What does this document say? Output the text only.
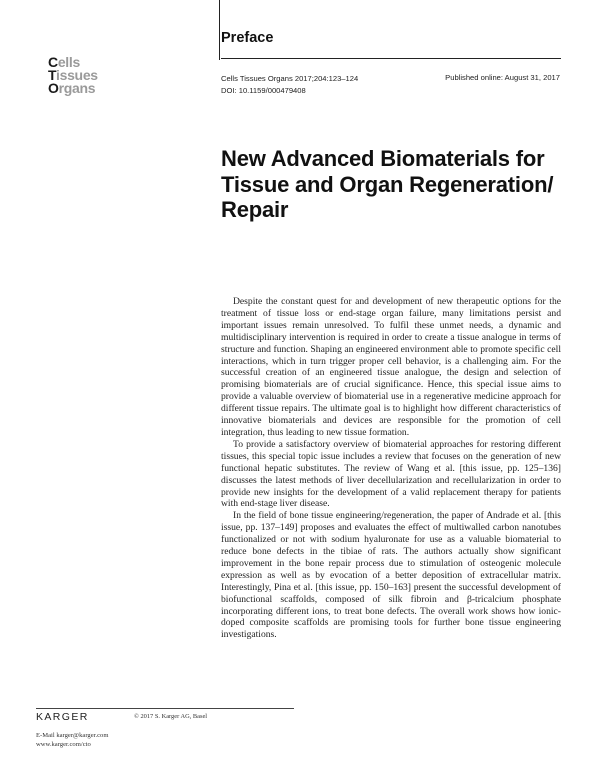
Preface
Cells
Tissues
Organs
Cells Tissues Organs 2017;204:123–124
DOI: 10.1159/000479408
Published online: August 31, 2017
New Advanced Biomaterials for
Tissue and Organ Regeneration/
Repair

Despite the constant quest for and development of new therapeutic options for the treatment of tissue loss or end-stage organ failure, many limitations persist and important issues remain unresolved. To fulfil these unmet needs, a dynamic and multidisciplinary intervention is required in order to create a tissue analogue in terms of structure and function. Shaping an engineered environment able to promote specific cell interactions, which in turn trigger proper cell behavior, is a challenging aim. For the successful creation of an engineered tissue analogue, the design and selection of promising biomaterials are of crucial significance. Hence, this special issue aims to provide a valuable overview of biomaterial use in a regenerative medicine approach for different tissue repairs. The ultimate goal is to highlight how different characteristics of innovative biomaterials and devices are responsible for the promotion of cell integration, thus leading to new tissue formation.

To provide a satisfactory overview of biomaterial approaches for restoring different tissues, this special topic issue includes a review that focuses on the generation of new functional hepatic substitutes. The review of Wang et al. [this issue, pp. 125–136] discusses the latest methods of liver decellularization and recellularization in order to provide new insights for the development of a valid replacement therapy for patients with end-stage liver disease.

In the field of bone tissue engineering/regeneration, the paper of Andrade et al. [this issue, pp. 137–149] proposes and evaluates the effect of multiwalled carbon nanotubes functionalized or not with sodium hyaluronate for use as a valuable biomaterial to reduce bone defects in the tibiae of rats. The authors actually show significant improvement in the bone repair process due to stimulation of osteogenic molecule expression as well as by evocation of a better deposition of extracellular matrix. Interestingly, Pina et al. [this issue, pp. 150–163] present the successful development of biofunctional scaffolds, composed of silk fibroin and β-tricalcium phosphate incorporating different ions, to treat bone defects. The overall work shows how ionic-doped composite scaffolds are promising tools for further bone tissue engineering investigations.

KARGER	© 2017 S. Karger AG, Basel
E-Mail karger@karger.com
www.karger.com/cto
